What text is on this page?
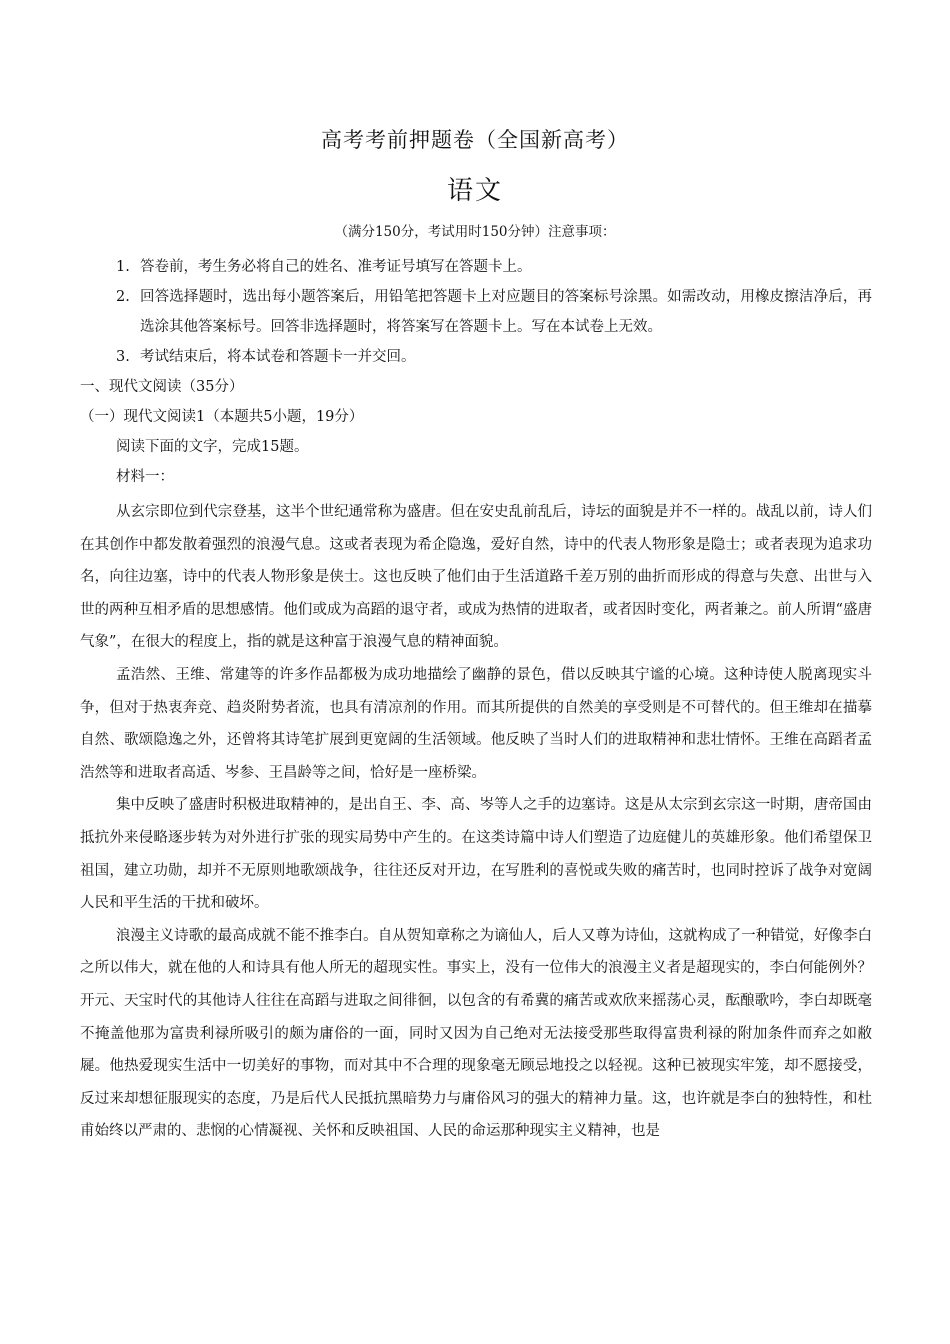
高考考前押题卷（全国新高考）
语文
（满分150分，考试用时150分钟）注意事项：
1. 答卷前，考生务必将自己的姓名、准考证号填写在答题卡上。
2. 回答选择题时，选出每小题答案后，用铅笔把答题卡上对应题目的答案标号涂黑。如需改动，用橡皮擦洁净后，再选涂其他答案标号。回答非选择题时，将答案写在答题卡上。写在本试卷上无效。
3. 考试结束后，将本试卷和答题卡一并交回。
一、现代文阅读（35分）
（一）现代文阅读1（本题共5小题，19分）
阅读下面的文字，完成15题。
材料一：

从玄宗即位到代宗登基，这半个世纪通常称为盛唐。但在安史乱前乱后，诗坛的面貌是并不一样的。战乱以前，诗人们在其创作中都发散着强烈的浪漫气息。这或者表现为希企隐逸，爱好自然，诗中的代表人物形象是隐士；或者表现为追求功名，向往边塞，诗中的代表人物形象是侠士。这也反映了他们由于生活道路千差万别的曲折而形成的得意与失意、出世与入世的两种互相矛盾的思想感情。他们或成为高蹈的退守者，或成为热情的进取者，或者因时变化，两者兼之。前人所谓“盛唐气象”，在很大的程度上，指的就是这种富于浪漫气息的精神面貌。

孟浩然、王维、常建等的许多作品都极为成功地描绘了幽静的景色，借以反映其宁谧的心境。这种诗使人脱离现实斗争，但对于热衷奔竞、趋炎附势者流，也具有清凉剂的作用。而其所提供的自然美的享受则是不可替代的。但王维却在描摹自然、歌颂隐逸之外，还曾将其诗笔扩展到更宽阔的生活领域。他反映了当时人们的进取精神和悲壮情怀。王维在高蹈者孟浩然等和进取者高适、岑参、王昌龄等之间，恰好是一座桥梁。

集中反映了盛唐时积极进取精神的，是出自王、李、高、岑等人之手的边塞诗。这是从太宗到玄宗这一时期，唐帝国由抵抗外来侵略逐步转为对外进行扩张的现实局势中产生的。在这类诗篇中诗人们塑造了边庭健儿的英雄形象。他们希望保卫祖国，建立功勋，却并不无原则地歌颂战争，往往还反对开边，在写胜利的喜悦或失败的痛苦时，也同时控诉了战争对宽阔人民和平生活的干扰和破坏。

浪漫主义诗歌的最高成就不能不推李白。自从贺知章称之为谪仙人，后人又尊为诗仙，这就构成了一种错觉，好像李白之所以伟大，就在他的人和诗具有他人所无的超现实性。事实上，没有一位伟大的浪漫主义者是超现实的，李白何能例外？开元、天宝时代的其他诗人往往在高蹈与进取之间徘徊，以包含的有希冀的痛苦或欢欣来摇荡心灵，酝酿歌吟，李白却既毫不掩盖他那为富贵利禄所吸引的颇为庸俗的一面，同时又因为自己绝对无法接受那些取得富贵利禄的附加条件而弃之如敝屣。他热爱现实生活中一切美好的事物，而对其中不合理的现象毫无顾忌地投之以轻视。这种已被现实牢笼，却不愿接受，反过来却想征服现实的态度，乃是后代人民抵抗黑暗势力与庸俗风习的强大的精神力量。这，也许就是李白的独特性，和杜甫始终以严肃的、悲悯的心情凝视、关怀和反映祖国、人民的命运那种现实主义精神，也是
